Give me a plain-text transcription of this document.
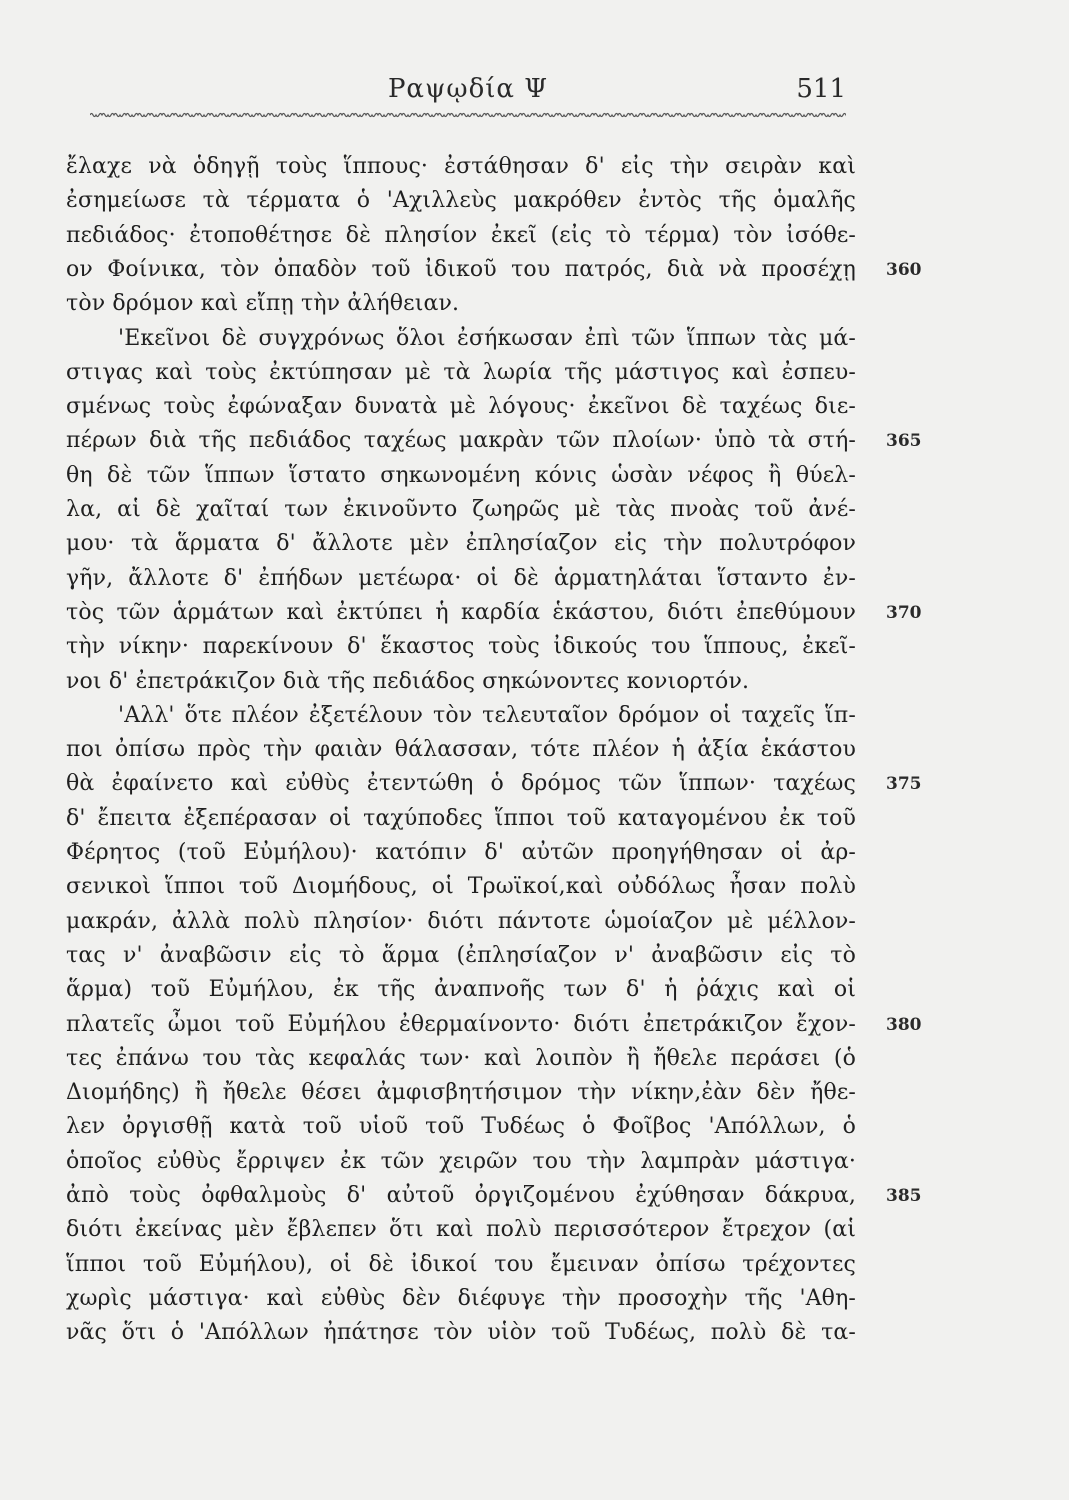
Ραψῳδία Ψ	511
ἔλαχε νὰ ὁδηγῇ τοὺς ἵππους· ἐστάθησαν δ' εἰς τὴν σειρὰν καὶ
ἐσημείωσε τὰ τέρματα ὁ 'Αχιλλεὺς μακρόθεν ἐντὸς τῆς ὁμαλῆς
πεδιάδος· ἐτοποθέτησε δὲ πλησίον ἐκεῖ (εἰς τὸ τέρμα) τὸν ἰσόθε-
ον Φοίνικα, τὸν ὀπαδὸν τοῦ ἰδικοῦ του πατρός, διὰ νὰ προσέχῃ
τὸν δρόμον καὶ εἴπῃ τὴν ἀλήθειαν.
'Εκεῖνοι δὲ συγχρόνως ὅλοι ἐσήκωσαν ἐπὶ τῶν ἵππων τὰς μά-
στιγας καὶ τοὺς ἐκτύπησαν μὲ τὰ λωρία τῆς μάστιγος καὶ ἐσπευ-
σμένως τοὺς ἐφώναξαν δυνατὰ μὲ λόγους· ἐκεῖνοι δὲ ταχέως διε-
πέρων διὰ τῆς πεδιάδος ταχέως μακρὰν τῶν πλοίων· ὑπὸ τὰ στή-
θη δὲ τῶν ἵππων ἵστατο σηκωνομένη κόνις ὡσὰν νέφος ἢ θύελ-
λα, αἱ δὲ χαῖταί των ἐκινοῦντο ζωηρῶς μὲ τὰς πνοὰς τοῦ ἀνέ-
μου· τὰ ἅρματα δ' ἄλλοτε μὲν ἐπλησίαζον εἰς τὴν πολυτρόφον
γῆν, ἄλλοτε δ' ἐπήδων μετέωρα· οἱ δὲ ἁρματηλάται ἵσταντο ἐν-
τὸς τῶν ἁρμάτων καὶ ἐκτύπει ἡ καρδία ἑκάστου, διότι ἐπεθύμουν
τὴν νίκην· παρεκίνουν δ' ἕκαστος τοὺς ἰδικούς του ἵππους, ἐκεῖ-
νοι δ' ἐπετράκιζον διὰ τῆς πεδιάδος σηκώνοντες κονιορτόν.
'Αλλ' ὅτε πλέον ἐξετέλουν τὸν τελευταῖον δρόμον οἱ ταχεῖς ἵπ-
ποι ὀπίσω πρὸς τὴν φαιὰν θάλασσαν, τότε πλέον ἡ ἀξία ἑκάστου
θὰ ἐφαίνετο καὶ εὐθὺς ἐτεντώθη ὁ δρόμος τῶν ἵππων· ταχέως
δ' ἔπειτα ἐξεπέρασαν οἱ ταχύποδες ἵπποι τοῦ καταγομένου ἐκ τοῦ
Φέρητος (τοῦ Εὐμήλου)· κατόπιν δ' αὐτῶν προηγήθησαν οἱ ἀρ-
σενικοὶ ἵπποι τοῦ Διομήδους, οἱ Τρωϊκοί,καὶ οὐδόλως ἦσαν πολὺ
μακράν, ἀλλὰ πολὺ πλησίον· διότι πάντοτε ὡμοίαζον μὲ μέλλον-
τας ν' ἀναβῶσιν εἰς τὸ ἅρμα (ἐπλησίαζον ν' ἀναβῶσιν εἰς τὸ
ἅρμα) τοῦ Εὐμήλου, ἐκ τῆς ἀναπνοῆς των δ' ἡ ῥάχις καὶ οἱ
πλατεῖς ὦμοι τοῦ Εὐμήλου ἐθερμαίνοντο· διότι ἐπετράκιζον ἔχον-
τες ἐπάνω του τὰς κεφαλάς των· καὶ λοιπὸν ἢ ἤθελε περάσει (ὁ
Διομήδης) ἢ ἤθελε θέσει ἀμφισβητήσιμον τὴν νίκην,ἐὰν δὲν ἤθε-
λεν ὀργισθῇ κατὰ τοῦ υἱοῦ τοῦ Τυδέως ὁ Φοῖβος 'Απόλλων, ὁ
ὁποῖος εὐθὺς ἔρριψεν ἐκ τῶν χειρῶν του τὴν λαμπρὰν μάστιγα·
ἀπὸ τοὺς ὀφθαλμοὺς δ' αὐτοῦ ὀργιζομένου ἐχύθησαν δάκρυα,
διότι ἐκείνας μὲν ἔβλεπεν ὅτι καὶ πολὺ περισσότερον ἔτρεχον (αἱ
ἵπποι τοῦ Εὐμήλου), οἱ δὲ ἰδικοί του ἔμειναν ὀπίσω τρέχοντες
χωρὶς μάστιγα· καὶ εὐθὺς δὲν διέφυγε τὴν προσοχὴν τῆς 'Αθη-
νᾶς ὅτι ὁ 'Απόλλων ἠπάτησε τὸν υἱὸν τοῦ Τυδέως, πολὺ δὲ τα-
360
365
370
375
380
385
